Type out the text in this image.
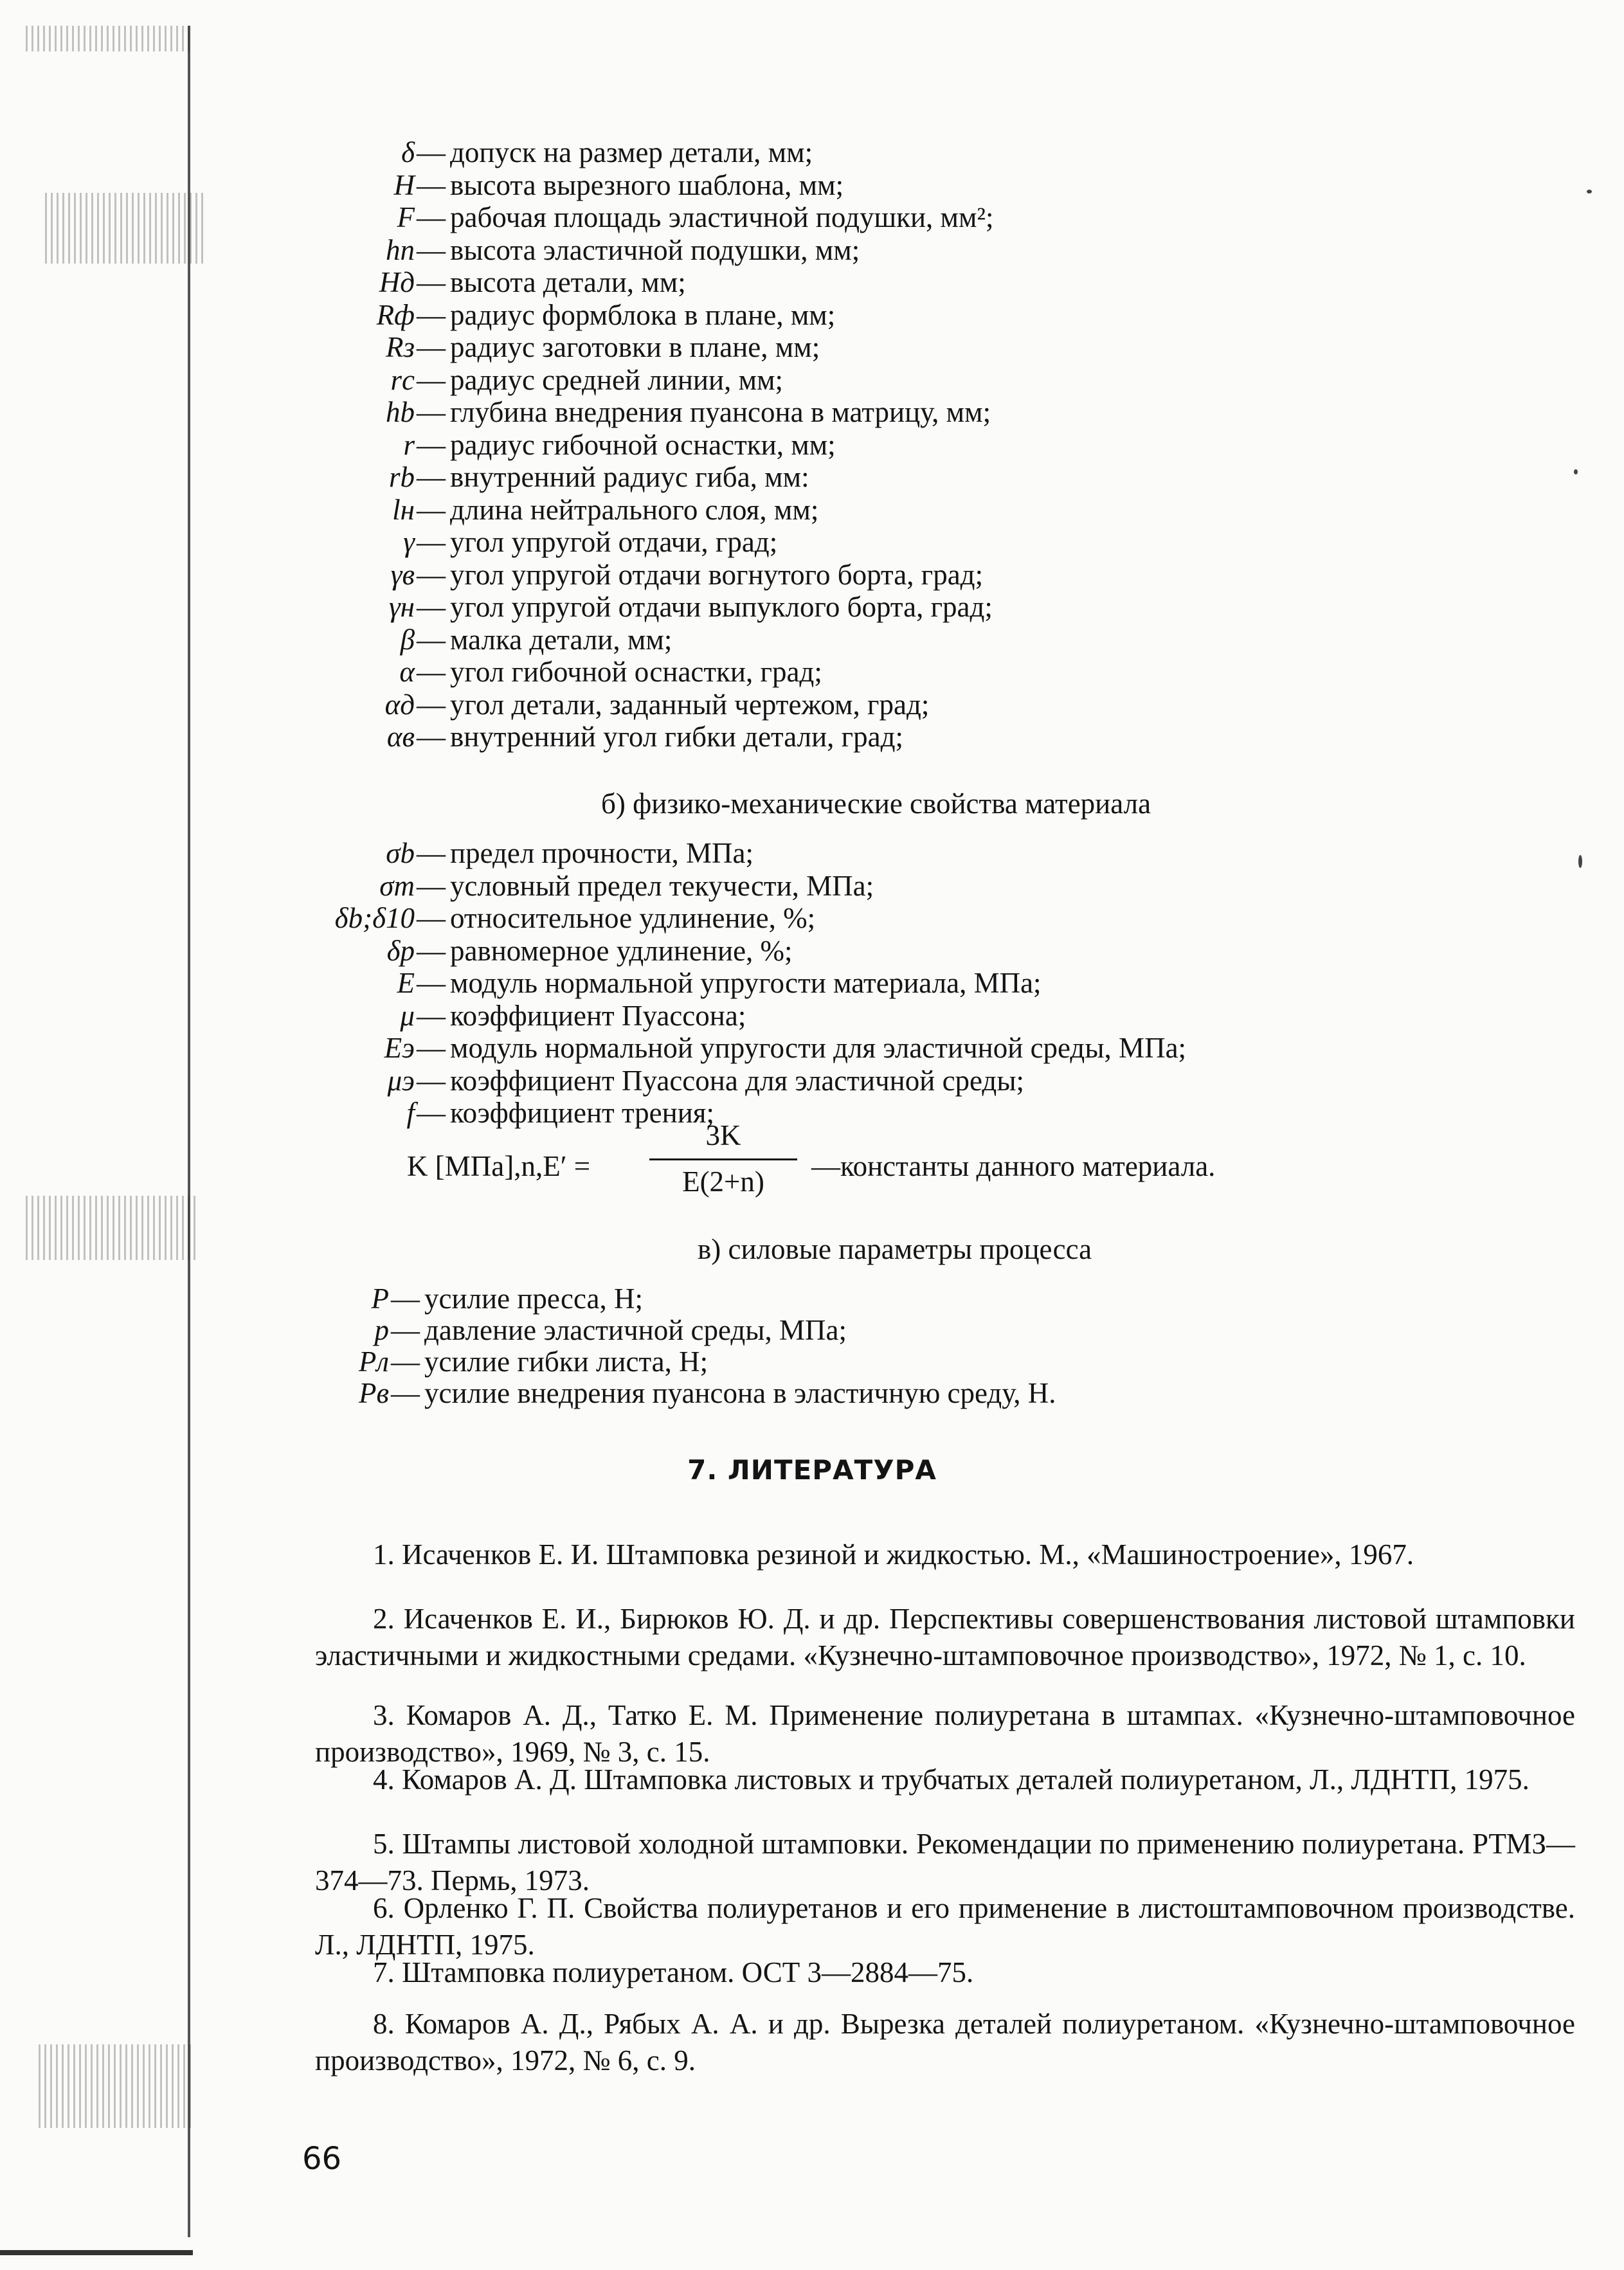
δ — допуск на размер детали, мм;
H — высота вырезного шаблона, мм;
F — рабочая площадь эластичной подушки, мм²;
hп — высота эластичной подушки, мм;
Hд — высота детали, мм;
Rф — радиус формблока в плане, мм;
Rз — радиус заготовки в плане, мм;
rс — радиус средней линии, мм;
hb — глубина внедрения пуансона в матрицу, мм;
r — радиус гибочной оснастки, мм;
rb — внутренний радиус гиба, мм:
lн — длина нейтрального слоя, мм;
γ — угол упругой отдачи, град;
γв — угол упругой отдачи вогнутого борта, град;
γн — угол упругой отдачи выпуклого борта, град;
β — малка детали, мм;
α — угол гибочной оснастки, град;
αд — угол детали, заданный чертежом, град;
αв — внутренний угол гибки детали, град;
б) физико-механические свойства материала
σb — предел прочности, МПа;
σт — условный предел текучести, МПа;
δb;δ10 — относительное удлинение, %;
δр — равномерное удлинение, %;
E — модуль нормальной упругости материала, МПа;
μ — коэффициент Пуассона;
Eэ — модуль нормальной упругости для эластичной среды, МПа;
μэ — коэффициент Пуассона для эластичной среды;
f — коэффициент трения;
K [МПа],n,E′ =
3K
E(2+n)	—константы данного материала.
в) силовые параметры процесса
P — усилие пресса, Н;
p — давление эластичной среды, МПа;
Pл — усилие гибки листа, Н;
Pв — усилие внедрения пуансона в эластичную среду, Н.
7. ЛИТЕРАТУРА
1. Исаченков Е. И. Штамповка резиной и жидкостью. М., «Машиностроение», 1967.
2. Исаченков Е. И., Бирюков Ю. Д. и др. Перспективы совершенствования листовой штамповки эластичными и жидкостными средами. «Кузнечно-штамповочное производство», 1972, № 1, с. 10.
3. Комаров А. Д., Татко Е. М. Применение полиуретана в штампах. «Кузнечно-штамповочное производство», 1969, № 3, с. 15.
4. Комаров А. Д. Штамповка листовых и трубчатых деталей полиуретаном, Л., ЛДНТП, 1975.
5. Штампы листовой холодной штамповки. Рекомендации по применению полиуретана. РТМЗ—374—73. Пермь, 1973.
6. Орленко Г. П. Свойства полиуретанов и его применение в листоштамповочном производстве. Л., ЛДНТП, 1975.
7. Штамповка полиуретаном. ОСТ 3—2884—75.
8. Комаров А. Д., Рябых А. А. и др. Вырезка деталей полиуретаном. «Кузнечно-штамповочное производство», 1972, № 6, с. 9.
66
